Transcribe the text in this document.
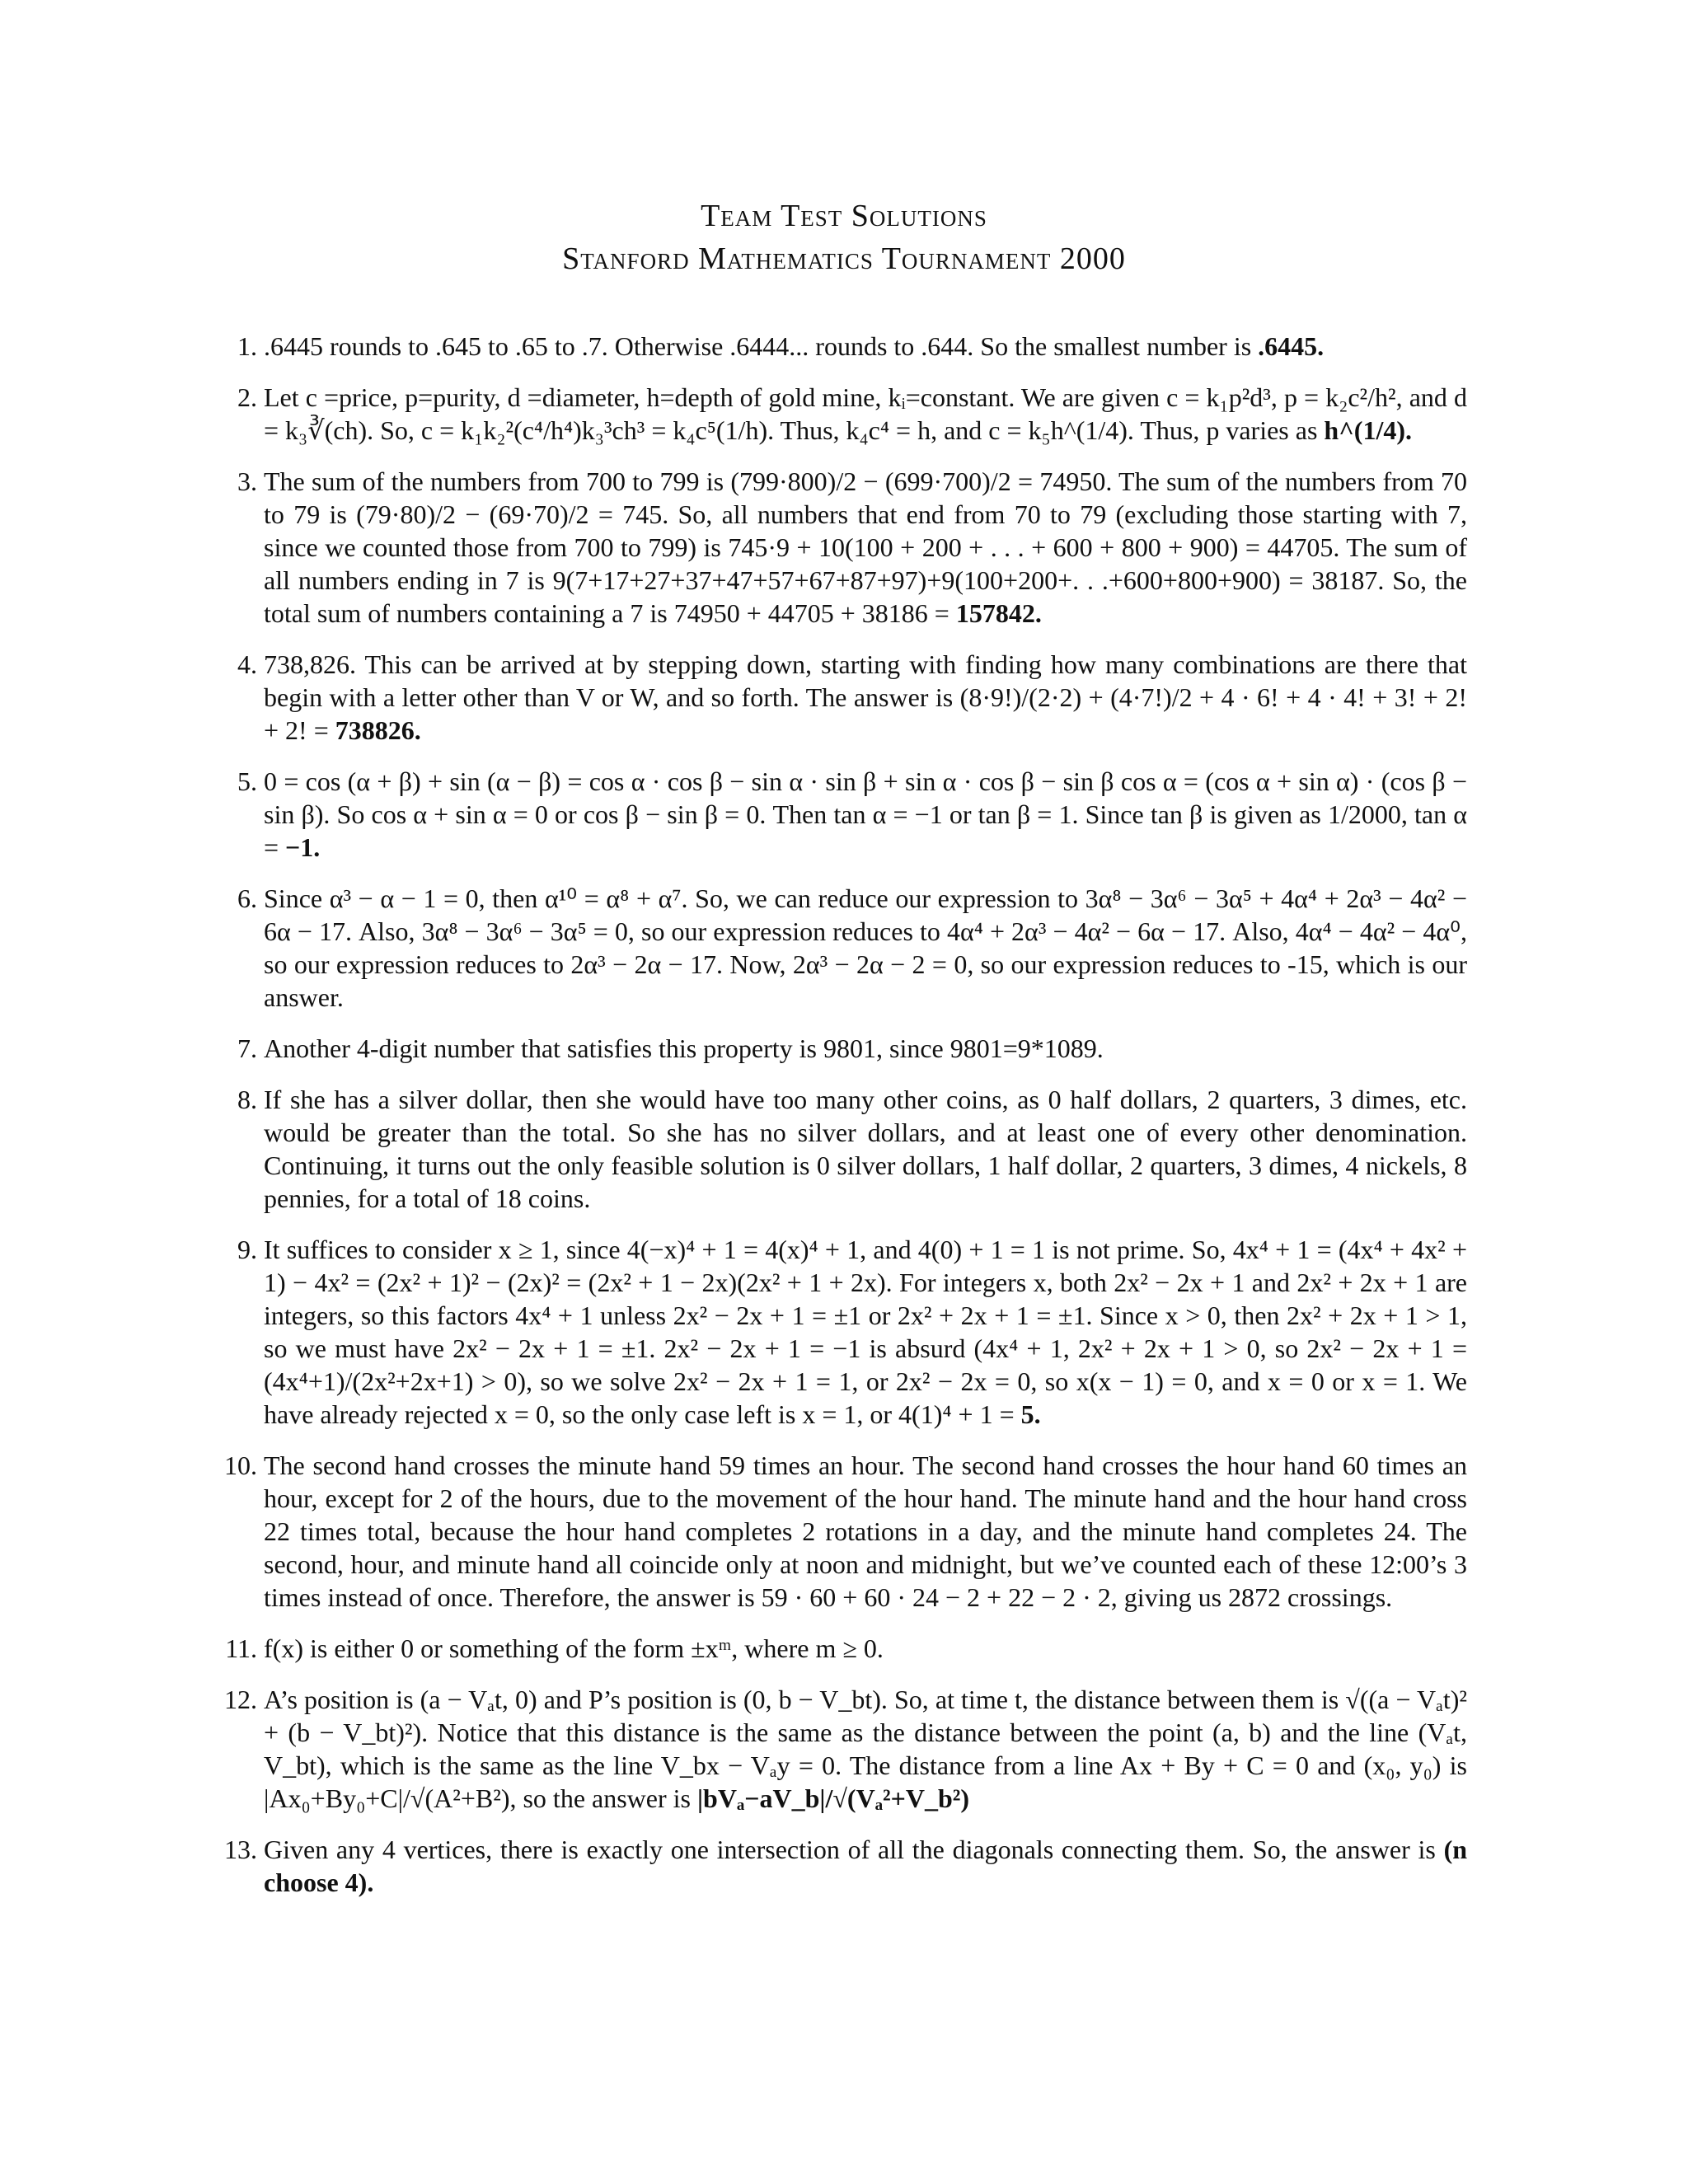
Team Test Solutions
Stanford Mathematics Tournament 2000
1. .6445 rounds to .645 to .65 to .7. Otherwise .6444... rounds to .644. So the smallest number is .6445.
2. Let c =price, p=purity, d =diameter, h=depth of gold mine, kᵢ=constant. We are given c = k₁p²d³, p = k₂c²/h², and d = k₃∛(ch). So, c = k₁k₂²(c⁴/h⁴)k₃³ch³ = k₄c⁵(1/h). Thus, k₄c⁴ = h, and c = k₅h^(1/4). Thus, p varies as h^(1/4).
3. The sum of the numbers from 700 to 799 is (799·800)/2 − (699·700)/2 = 74950. The sum of the numbers from 70 to 79 is (79·80)/2 − (69·70)/2 = 745. So, all numbers that end from 70 to 79 (excluding those starting with 7, since we counted those from 700 to 799) is 745·9 + 10(100 + 200 + . . . + 600 + 800 + 900) = 44705. The sum of all numbers ending in 7 is 9(7+17+27+37+47+57+67+87+97)+9(100+200+. . .+600+800+900) = 38187. So, the total sum of numbers containing a 7 is 74950 + 44705 + 38186 = 157842.
4. 738,826. This can be arrived at by stepping down, starting with finding how many combinations are there that begin with a letter other than V or W, and so forth. The answer is (8·9!)/(2·2) + (4·7!)/2 + 4 · 6! + 4 · 4! + 3! + 2! + 2! = 738826.
5. 0 = cos (α + β) + sin (α − β) = cos α · cos β − sin α · sin β + sin α · cos β − sin β cos α = (cos α + sin α) · (cos β − sin β). So cos α + sin α = 0 or cos β − sin β = 0. Then tan α = −1 or tan β = 1. Since tan β is given as 1/2000, tan α = −1.
6. Since α³ − α − 1 = 0, then α¹⁰ = α⁸ + α⁷. So, we can reduce our expression to 3α⁸ − 3α⁶ − 3α⁵ + 4α⁴ + 2α³ − 4α² − 6α − 17. Also, 3α⁸ − 3α⁶ − 3α⁵ = 0, so our expression reduces to 4α⁴ + 2α³ − 4α² − 6α − 17. Also, 4α⁴ − 4α² − 4α⁰, so our expression reduces to 2α³ − 2α − 17. Now, 2α³ − 2α − 2 = 0, so our expression reduces to -15, which is our answer.
7. Another 4-digit number that satisfies this property is 9801, since 9801=9*1089.
8. If she has a silver dollar, then she would have too many other coins, as 0 half dollars, 2 quarters, 3 dimes, etc. would be greater than the total. So she has no silver dollars, and at least one of every other denomination. Continuing, it turns out the only feasible solution is 0 silver dollars, 1 half dollar, 2 quarters, 3 dimes, 4 nickels, 8 pennies, for a total of 18 coins.
9. It suffices to consider x ≥ 1, since 4(−x)⁴ + 1 = 4(x)⁴ + 1, and 4(0) + 1 = 1 is not prime. So, 4x⁴ + 1 = (4x⁴ + 4x² + 1) − 4x² = (2x² + 1)² − (2x)² = (2x² + 1 − 2x)(2x² + 1 + 2x). For integers x, both 2x² − 2x + 1 and 2x² + 2x + 1 are integers, so this factors 4x⁴ + 1 unless 2x² − 2x + 1 = ±1 or 2x² + 2x + 1 = ±1. Since x > 0, then 2x² + 2x + 1 > 1, so we must have 2x² − 2x + 1 = ±1. 2x² − 2x + 1 = −1 is absurd (4x⁴ + 1, 2x² + 2x + 1 > 0, so 2x² − 2x + 1 = (4x⁴+1)/(2x²+2x+1) > 0), so we solve 2x² − 2x + 1 = 1, or 2x² − 2x = 0, so x(x − 1) = 0, and x = 0 or x = 1. We have already rejected x = 0, so the only case left is x = 1, or 4(1)⁴ + 1 = 5.
10. The second hand crosses the minute hand 59 times an hour. The second hand crosses the hour hand 60 times an hour, except for 2 of the hours, due to the movement of the hour hand. The minute hand and the hour hand cross 22 times total, because the hour hand completes 2 rotations in a day, and the minute hand completes 24. The second, hour, and minute hand all coincide only at noon and midnight, but we’ve counted each of these 12:00’s 3 times instead of once. Therefore, the answer is 59 · 60 + 60 · 24 − 2 + 22 − 2 · 2, giving us 2872 crossings.
11. f(x) is either 0 or something of the form ±xᵐ, where m ≥ 0.
12. A’s position is (a − Vₐt, 0) and P’s position is (0, b − V_bt). So, at time t, the distance between them is √((a − Vₐt)² + (b − V_bt)²). Notice that this distance is the same as the distance between the point (a, b) and the line (Vₐt, V_bt), which is the same as the line V_bx − Vₐy = 0. The distance from a line Ax + By + C = 0 and (x₀, y₀) is |Ax₀+By₀+C|/√(A²+B²), so the answer is |bVₐ−aV_b|/√(Vₐ²+V_b²)
13. Given any 4 vertices, there is exactly one intersection of all the diagonals connecting them. So, the answer is (n choose 4).
